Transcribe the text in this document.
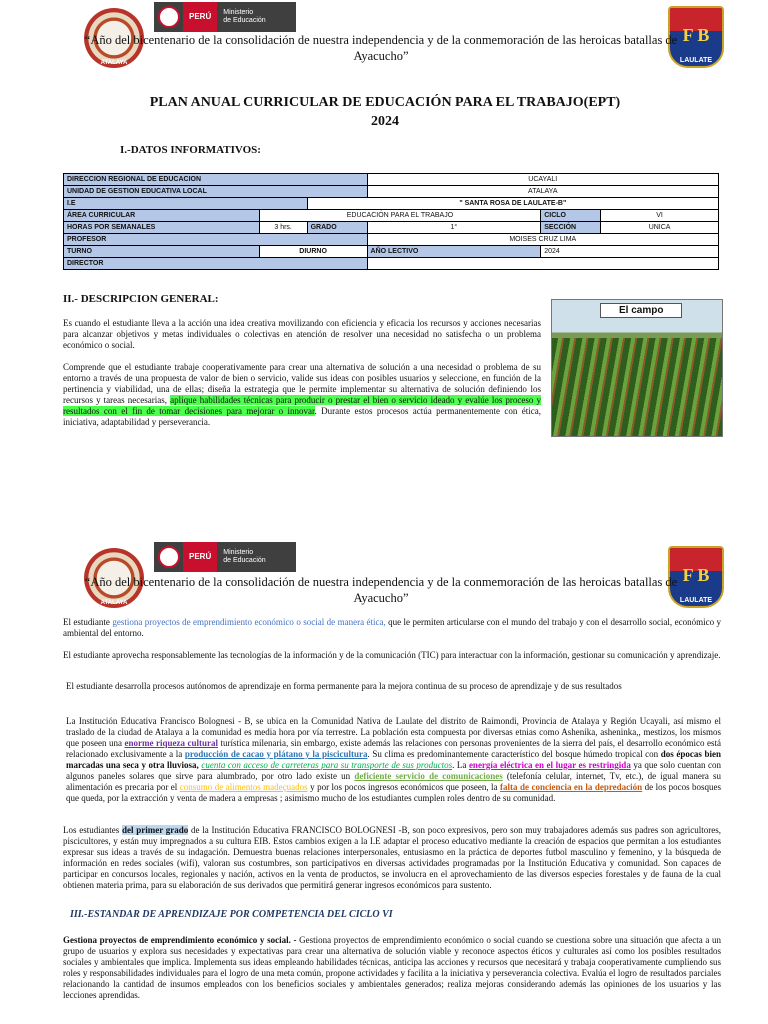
ATALAYA
PERÚ	Ministerio
de Educación
F B
LAULATE
“Año del bicentenario de la consolidación de nuestra independencia y de la conmemoración de las heroicas batallas de
Ayacucho”
PLAN ANUAL CURRICULAR DE EDUCACIÓN PARA EL TRABAJO(EPT)
2024
I.-DATOS INFORMATIVOS:
DIRECCION REGIONAL DE EDUCACION			UCAYALI		
UNIDAD DE GESTION EDUCATIVA LOCAL			ATALAYA		
I.E		" SANTA ROSA DE LAULATE-B"			
ÁREA CURRICULAR	EDUCACIÓN PARA EL TRABAJO			CICLO	VI
HORAS POR SEMANALES	3 hrs.	GRADO	1°	SECCIÓN	UNICA
PROFESOR			MOISES CRUZ LIMA		
TURNO	DIURNO		AÑO LECTIVO	2024	
DIRECTOR					
II.- DESCRIPCION GENERAL:

Es cuando el estudiante lleva a la acción una idea creativa movilizando con eficiencia y eficacia los recursos y acciones necesarias para alcanzar objetivos y metas individuales o colectivas en atención de resolver una necesidad no satisfecha o un problema económico o social.

Comprende que el estudiante trabaje cooperativamente para crear una alternativa de solución a una necesidad o problema de su entorno a través de una propuesta de valor de bien o servicio, valide sus ideas con posibles usuarios y seleccione, en función de la pertinencia y viabilidad, una de ellas; diseña la estrategia que le permite implementar su alternativa de solución definiendo los recursos y tareas necesarias, aplique habilidades técnicas para producir o prestar el bien o servicio ideado y evalúe los proceso y resultados con el fin de tomar decisiones para mejorar o innovar. Durante estos procesos actúa permanentemente con ética, iniciativa, adaptabilidad y perseverancia.

El campo
ATALAYA
PERÚ	Ministerio
de Educación
F B
LAULATE
“Año del bicentenario de la consolidación de nuestra independencia y de la conmemoración de las heroicas batallas de
Ayacucho”

El estudiante gestiona proyectos de emprendimiento económico o social de manera ética, que le permiten articularse con el mundo del trabajo y con el desarrollo social, económico y ambiental del entorno.

El estudiante aprovecha responsablemente las tecnologías de la información y de la comunicación (TIC) para interactuar con la información, gestionar su comunicación y aprendizaje.

El estudiante desarrolla procesos autónomos de aprendizaje en forma permanente para la mejora continua de su proceso de aprendizaje y de sus resultados

La Institución Educativa Francisco Bolognesi - B, se ubica en la Comunidad Nativa de Laulate del distrito de Raimondi, Provincia de Atalaya y Región Ucayali, así mismo el traslado de la ciudad de Atalaya a la comunidad es media hora por vía terrestre. La población esta compuesta por diversas etnias como Ashenika, asheninka,, mestizos, los mismos que poseen una enorme riqueza cultural turística milenaria, sin embargo, existe además las relaciones con personas provenientes de la sierra del país, el desarrollo económico está relacionado exclusivamente a la producción de cacao y plátano y la piscicultura. Su clima es predominantemente característico del bosque húmedo tropical con dos épocas bien marcadas una seca y otra lluviosa, cuenta con acceso de carreteras para su transporte de sus productos. La energía eléctrica en el lugar es restringida ya que solo cuentan con algunos paneles solares que sirve para alumbrado, por otro lado existe un deficiente servicio de comunicaciones (telefonía celular, internet, Tv, etc.), de igual manera su alimentación es precaria por el consumo de alimentos madeçuados y por los pocos ingresos económicos que poseen, la falta de conciencia en la depredación de los pocos bosques que queda, por la extracción y venta de madera a empresas ; asimismo mucho de los estudiantes cumplen roles dentro de su comunidad.

Los estudiantes del primer grado de la Institución Educativa FRANCISCO BOLOGNESI -B, son poco expresivos, pero son muy trabajadores además sus padres son agricultores, piscicultores, y están muy impregnados a su cultura EIB. Estos cambios exigen a la I.E adaptar el proceso educativo mediante la creación de espacios que permitan a los estudiantes expresar sus ideas a través de su indagación. Demuestra buenas relaciones interpersonales, entusiasmo en la práctica de deportes futbol masculino y femenino, y la búsqueda de información en redes sociales (wifi), valoran sus costumbres, son participativos en diversas actividades programadas por la Institución Educativa y comunidad. Son capaces de participar en concursos locales, regionales y nación, activos en la venta de productos, se involucra en el aprovechamiento de las diversos especies forestales y de fauna de la cual obtienen materia prima, para su elaboración de sus derivados que permitirá generar ingresos económicos para sustento.

III.-ESTANDAR DE APRENDIZAJE POR COMPETENCIA DEL CICLO VI

Gestiona proyectos de emprendimiento económico y social. - Gestiona proyectos de emprendimiento económico o social cuando se cuestiona sobre una situación que afecta a un grupo de usuarios y explora sus necesidades y expectativas para crear una alternativa de solución viable y reconoce aspectos éticos y culturales así como los posibles resultados sociales y ambientales que implica. Implementa sus ideas empleando habilidades técnicas, anticipa las acciones y recursos que necesitará y trabaja cooperativamente cumpliendo sus roles y responsabilidades individuales para el logro de una meta común, propone actividades y facilita a la iniciativa y perseverancia colectiva. Evalúa el logro de resultados parciales relacionando la cantidad de insumos empleados con los beneficios sociales y ambientales generados; realiza mejoras considerando además las opiniones de los usuarios y las lecciones aprendidas.
